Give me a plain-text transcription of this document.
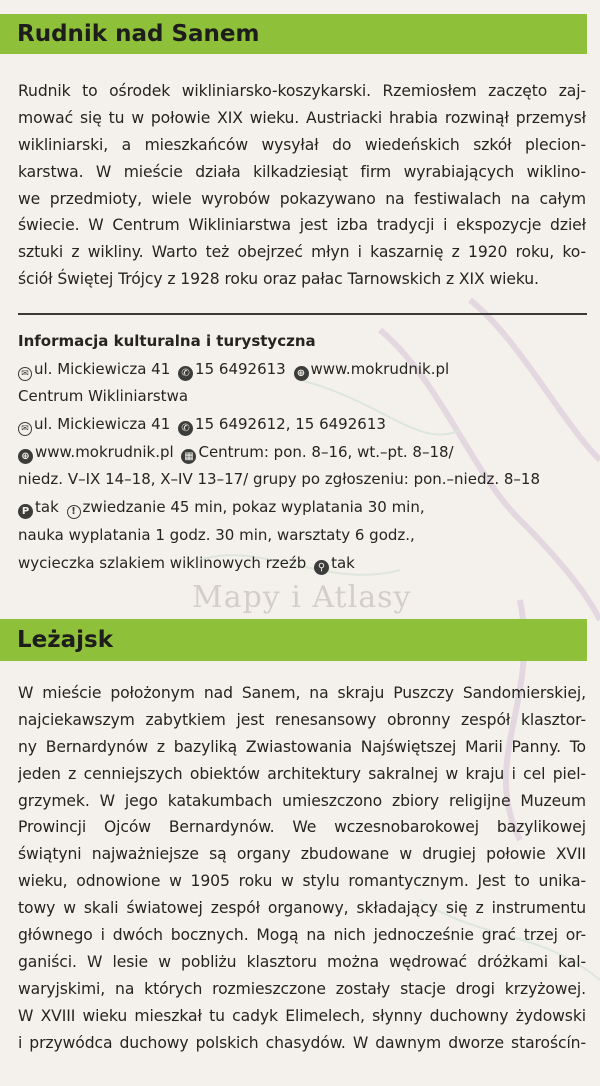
Rudnik nad Sanem
Rudnik to ośrodek wikliniarsko-koszykarski. Rzemiosłem zaczęto zaj-
mować się tu w połowie XIX wieku. Austriacki hrabia rozwinął przemysł
wikliniarski, a mieszkańców wysyłał do wiedeńskich szkół plecion-
karstwa. W mieście działa kilkadziesiąt firm wyrabiających wiklino-
we przedmioty, wiele wyrobów pokazywano na festiwalach na całym
świecie. W Centrum Wikliniarstwa jest izba tradycji i ekspozycje dzieł
sztuki z wikliny. Warto też obejrzeć młyn i kaszarnię z 1920 roku, ko-
ściół Świętej Trójcy z 1928 roku oraz pałac Tarnowskich z XIX wieku.
Informacja kulturalna i turystyczna
✉ ul. Mickiewicza 41 ✆ 15 6492613 ⊕ www.mokrudnik.pl
Centrum Wikliniarstwa
✉ ul. Mickiewicza 41 ✆ 15 6492612, 15 6492613
⊕ www.mokrudnik.pl ▦ Centrum: pon. 8–16, wt.–pt. 8–18/
niedz. V–IX 14–18, X–IV 13–17/ grupy po zgłoszeniu: pon.–niedz. 8–18
P tak ! zwiedzanie 45 min, pokaz wyplatania 30 min,
nauka wyplatania 1 godz. 30 min, warsztaty 6 godz.,
wycieczka szlakiem wiklinowych rzeźb ⚲ tak
Mapy i Atlasy
Leżajsk
W mieście położonym nad Sanem, na skraju Puszczy Sandomierskiej,
najciekawszym zabytkiem jest renesansowy obronny zespół klasztor-
ny Bernardynów z bazyliką Zwiastowania Najświętszej Marii Panny. To
jeden z cenniejszych obiektów architektury sakralnej w kraju i cel piel-
grzymek. W jego katakumbach umieszczono zbiory religijne Muzeum
Prowincji Ojców Bernardynów. We wczesnobarokowej bazylikowej
świątyni najważniejsze są organy zbudowane w drugiej połowie XVII
wieku, odnowione w 1905 roku w stylu romantycznym. Jest to unika-
towy w skali światowej zespół organowy, składający się z instrumentu
głównego i dwóch bocznych. Mogą na nich jednocześnie grać trzej or-
ganiści. W lesie w pobliżu klasztoru można wędrować dróżkami kal-
waryjskimi, na których rozmieszczone zostały stacje drogi krzyżowej.
W XVIII wieku mieszkał tu cadyk Elimelech, słynny duchowny żydowski
i przywódca duchowy polskich chasydów. W dawnym dworze staroścín-
